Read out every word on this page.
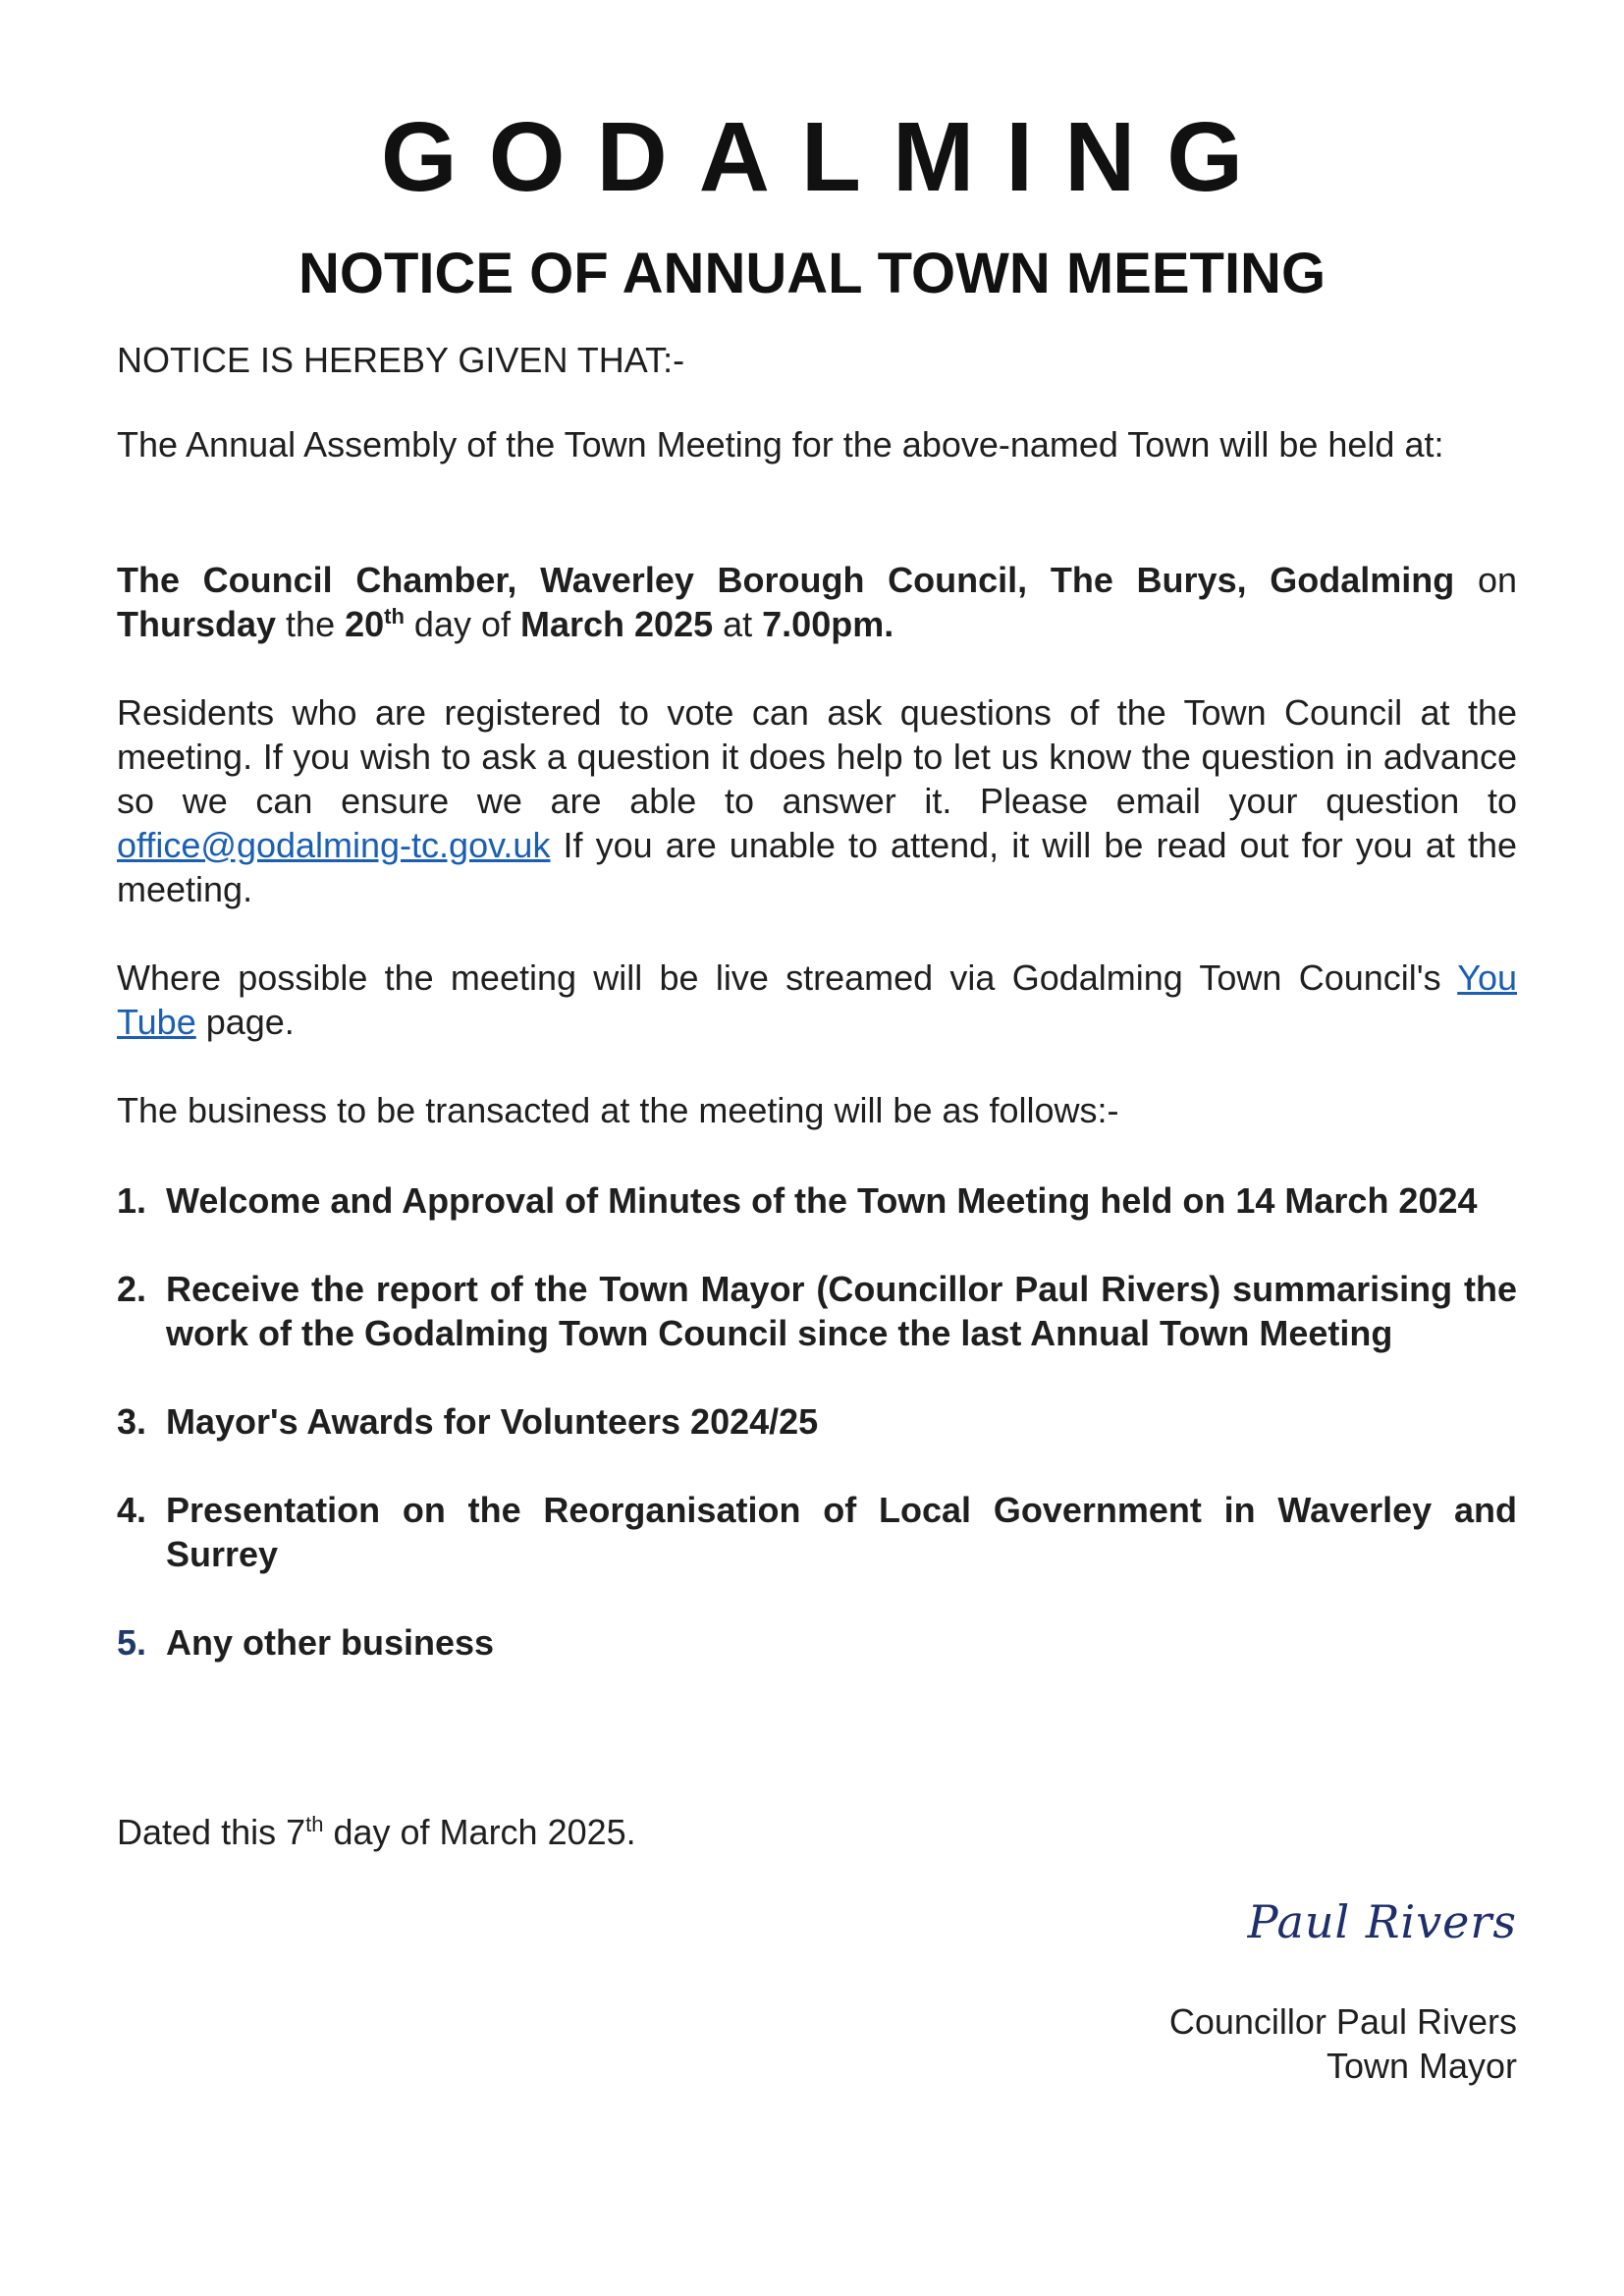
GODALMING
NOTICE OF ANNUAL TOWN MEETING

NOTICE IS HEREBY GIVEN THAT:-

The Annual Assembly of the Town Meeting for the above-named Town will be held at:

The Council Chamber, Waverley Borough Council, The Burys, Godalming on Thursday the 20th day of March 2025 at 7.00pm.

Residents who are registered to vote can ask questions of the Town Council at the meeting. If you wish to ask a question it does help to let us know the question in advance so we can ensure we are able to answer it. Please email your question to office@godalming-tc.gov.uk If you are unable to attend, it will be read out for you at the meeting.

Where possible the meeting will be live streamed via Godalming Town Council's You Tube page.

The business to be transacted at the meeting will be as follows:-

1. Welcome and Approval of Minutes of the Town Meeting held on 14 March 2024
2. Receive the report of the Town Mayor (Councillor Paul Rivers) summarising the work of the Godalming Town Council since the last Annual Town Meeting
3. Mayor's Awards for Volunteers 2024/25
4. Presentation on the Reorganisation of Local Government in Waverley and Surrey
5. Any other business
Dated this 7th day of March 2025.
Paul Rivers
Councillor Paul Rivers
Town Mayor
